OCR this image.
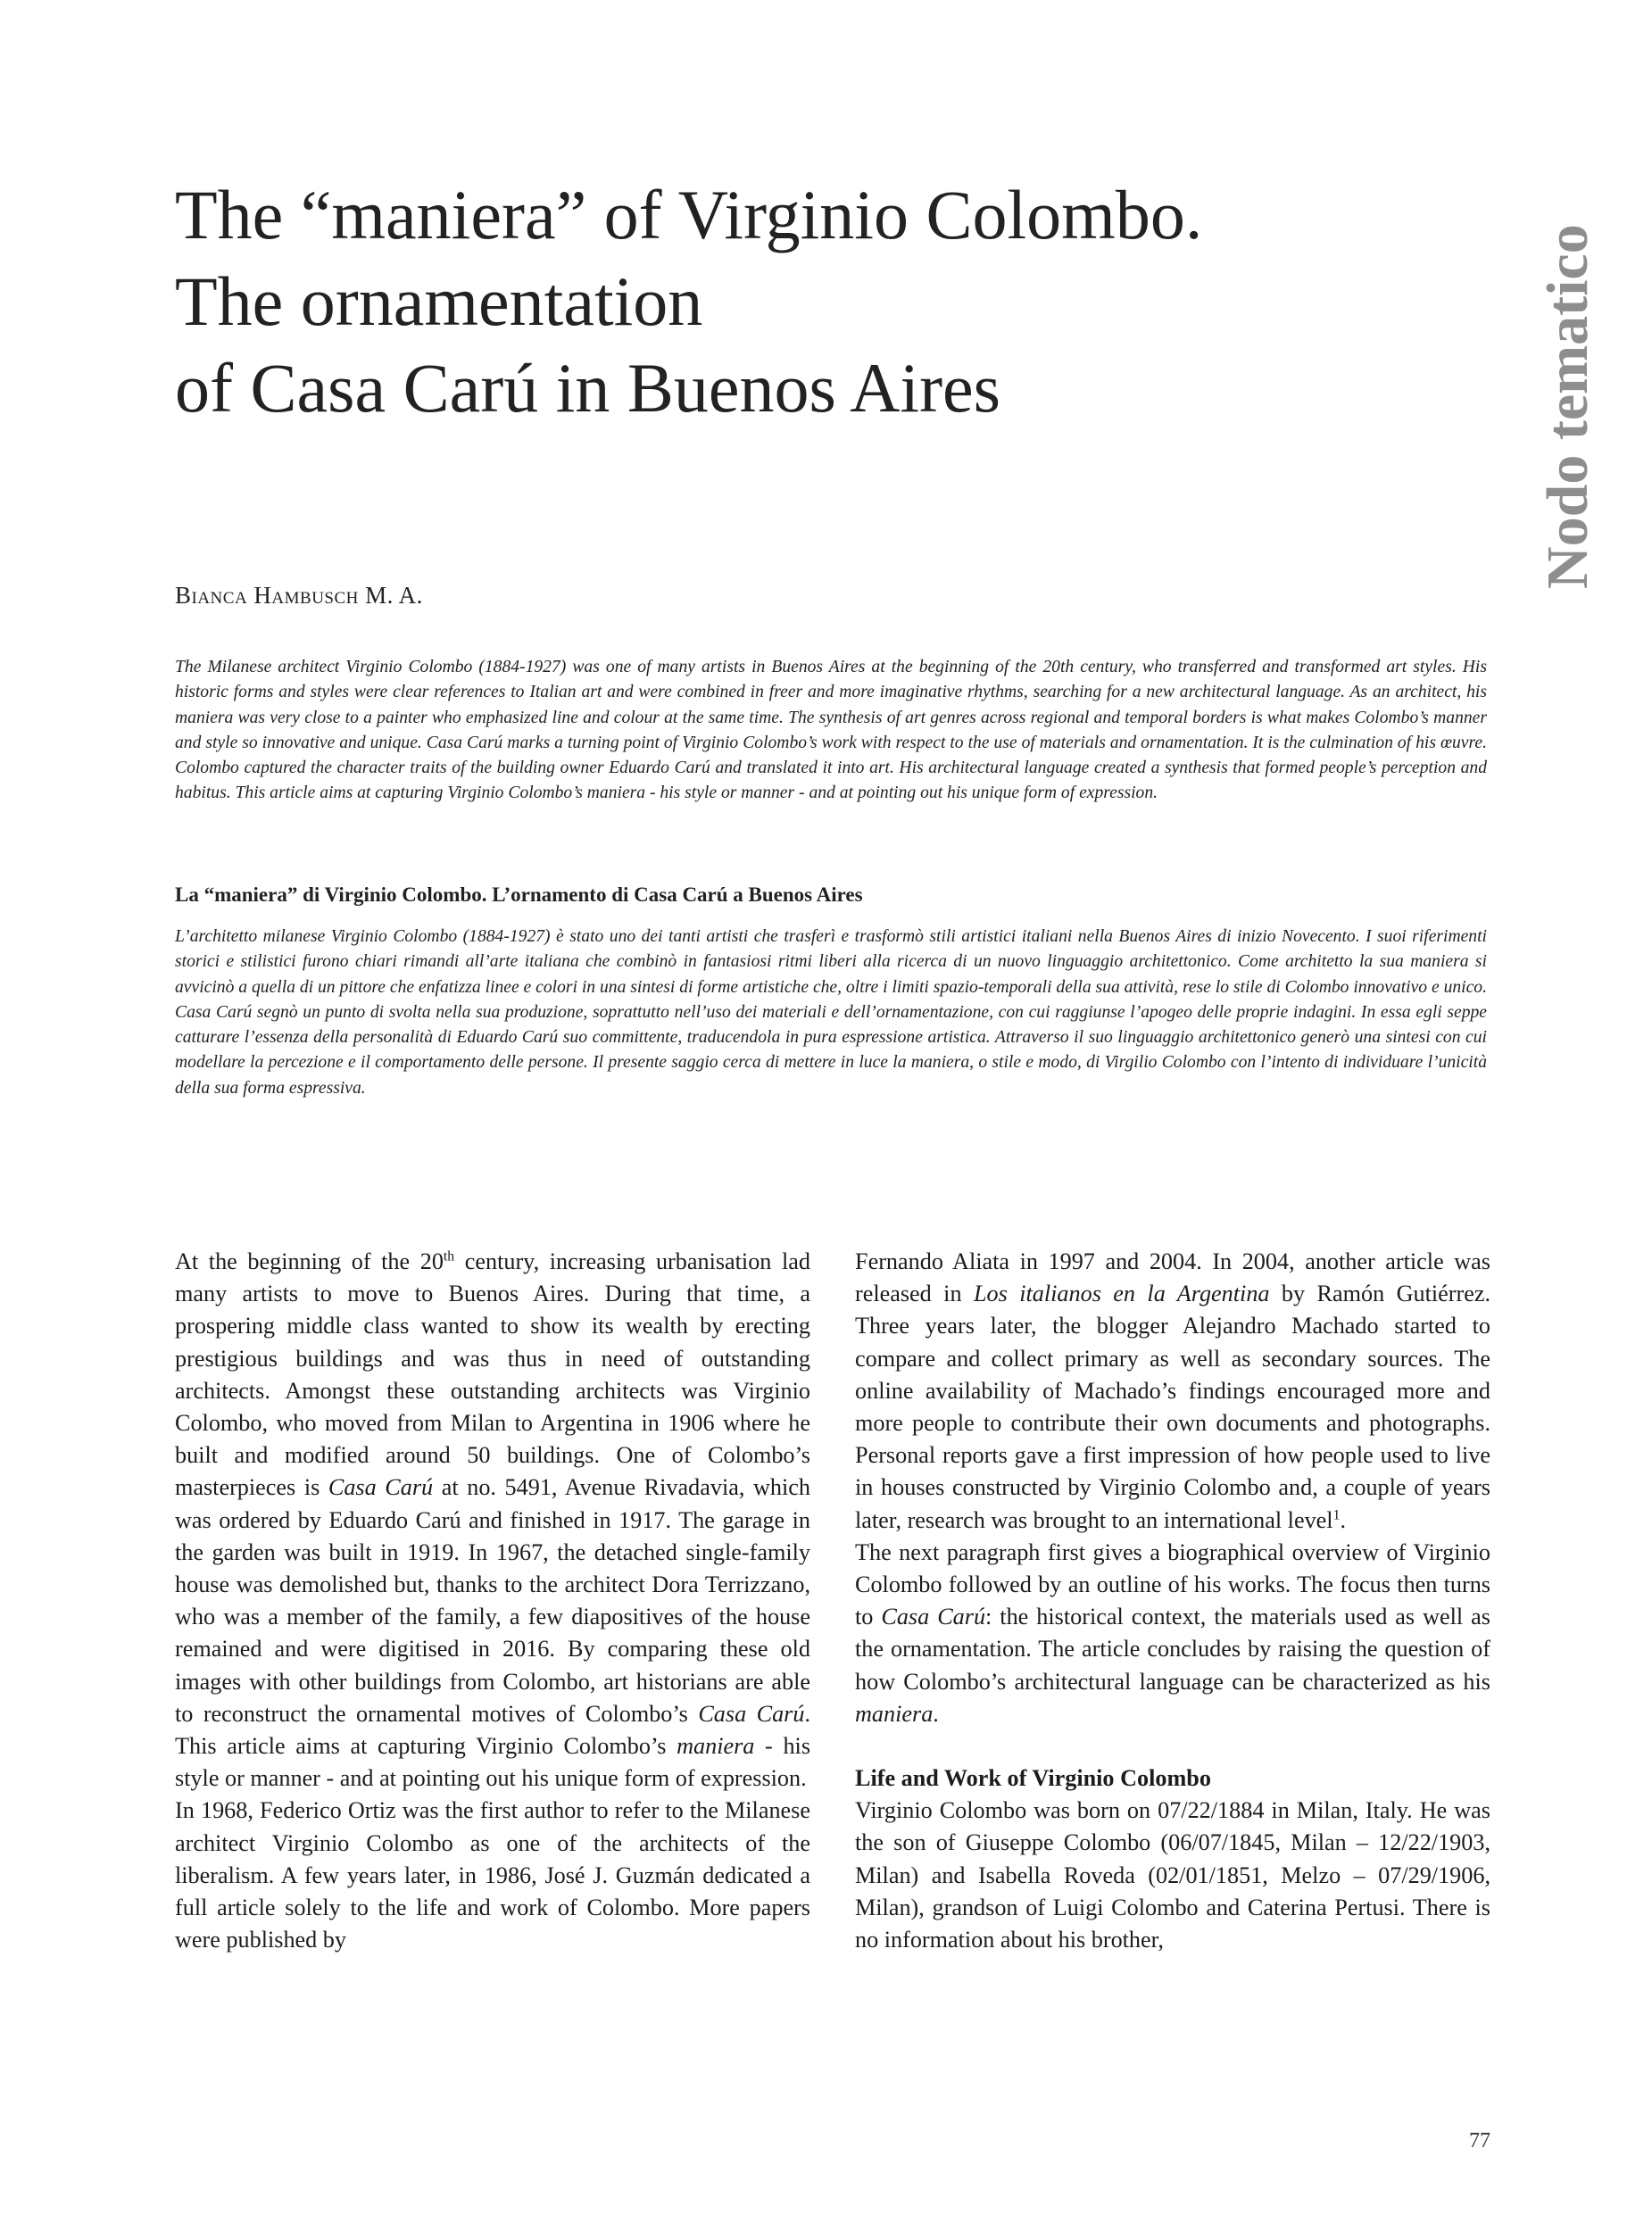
The “maniera” of Virginio Colombo.
The ornamentation
of Casa Carú in Buenos Aires	Nodo tematico
Bianca Hambusch M. A.

The Milanese architect Virginio Colombo (1884-1927) was one of many artists in Buenos Aires at the beginning of the 20th century, who transferred and transformed art styles. His historic forms and styles were clear references to Italian art and were combined in freer and more imaginative rhythms, searching for a new architectural language. As an architect, his maniera was very close to a painter who emphasized line and colour at the same time. The synthesis of art genres across regional and temporal borders is what makes Colombo’s manner and style so innovative and unique. Casa Carú marks a turning point of Virginio Colombo’s work with respect to the use of materials and ornamentation. It is the culmination of his œuvre. Colombo captured the character traits of the building owner Eduardo Carú and translated it into art. His architectural language created a synthesis that formed people’s perception and habitus. This article aims at capturing Virginio Colombo’s maniera - his style or manner - and at pointing out his unique form of expression.

La “maniera” di Virginio Colombo. L’ornamento di Casa Carú a Buenos Aires

L’architetto milanese Virginio Colombo (1884-1927) è stato uno dei tanti artisti che trasferì e trasformò stili artistici italiani nella Buenos Aires di inizio Novecento. I suoi riferimenti storici e stilistici furono chiari rimandi all’arte italiana che combinò in fantasiosi ritmi liberi alla ricerca di un nuovo linguaggio architettonico. Come architetto la sua maniera si avvicinò a quella di un pittore che enfatizza linee e colori in una sintesi di forme artistiche che, oltre i limiti spazio-temporali della sua attività, rese lo stile di Colombo innovativo e unico. Casa Carú segnò un punto di svolta nella sua produzione, soprattutto nell’uso dei materiali e dell’ornamentazione, con cui raggiunse l’apogeo delle proprie indagini. In essa egli seppe catturare l’essenza della personalità di Eduardo Carú suo committente, traducendola in pura espressione artistica. Attraverso il suo linguaggio architettonico generò una sintesi con cui modellare la percezione e il comportamento delle persone. Il presente saggio cerca di mettere in luce la maniera, o stile e modo, di Virgilio Colombo con l’intento di individuare l’unicità della sua forma espressiva.

At the beginning of the 20th century, increasing urbanisation lad many artists to move to Buenos Aires. During that time, a prospering middle class wanted to show its wealth by erecting prestigious buildings and was thus in need of outstanding architects. Amongst these outstanding architects was Virginio Colombo, who moved from Milan to Argentina in 1906 where he built and modified around 50 buildings. One of Colombo’s masterpieces is Casa Carú at no. 5491, Avenue Rivadavia, which was ordered by Eduardo Carú and finished in 1917. The garage in the garden was built in 1919. In 1967, the detached single-family house was demolished but, thanks to the architect Dora Terrizzano, who was a member of the family, a few diapositives of the house remained and were digitised in 2016. By comparing these old images with other buildings from Colombo, art historians are able to reconstruct the ornamental motives of Colombo’s Casa Carú. This article aims at capturing Virginio Colombo’s maniera - his style or manner - and at pointing out his unique form of expression.

In 1968, Federico Ortiz was the first author to refer to the Milanese architect Virginio Colombo as one of the architects of the liberalism. A few years later, in 1986, José J. Guzmán dedicated a full article solely to the life and work of Colombo. More papers were published by

Fernando Aliata in 1997 and 2004. In 2004, another article was released in Los italianos en la Argentina by Ramón Gutiérrez. Three years later, the blogger Alejandro Machado started to compare and collect primary as well as secondary sources. The online availability of Machado’s findings encouraged more and more people to contribute their own documents and photographs. Personal reports gave a first impression of how people used to live in houses constructed by Virginio Colombo and, a couple of years later, research was brought to an international level$^1$.

The next paragraph first gives a biographical overview of Virginio Colombo followed by an outline of his works. The focus then turns to Casa Carú: the historical context, the materials used as well as the ornamentation. The article concludes by raising the question of how Colombo’s architectural language can be characterized as his maniera.

Life and Work of Virginio Colombo

Virginio Colombo was born on 07/22/1884 in Milan, Italy. He was the son of Giuseppe Colombo (06/07/1845, Milan – 12/22/1903, Milan) and Isabella Roveda (02/01/1851, Melzo – 07/29/1906, Milan), grandson of Luigi Colombo and Caterina Pertusi. There is no information about his brother,

77
